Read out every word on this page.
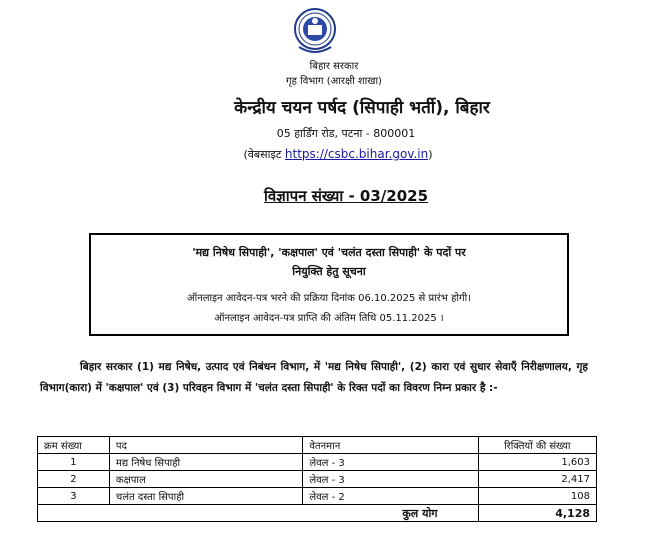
बिहार सरकार
गृह विभाग (आरक्षी शाखा)
केन्द्रीय चयन पर्षद (सिपाही भर्ती), बिहार
05 हार्डिंग रोड, पटना - 800001
(वेबसाइट https://csbc.bihar.gov.in)
विज्ञापन संख्या - 03/2025
'मद्य निषेध सिपाही', 'कक्षपाल' एवं 'चलंत दस्ता सिपाही' के पदों पर
नियुक्ति हेतु सूचना
ऑनलाइन आवेदन-पत्र भरने की प्रक्रिया दिनांक 06.10.2025 से प्रारंभ होगी।
ऑनलाइन आवेदन-पत्र प्राप्ति की अंतिम तिथि 05.11.2025 ।
बिहार सरकार (1) मद्य निषेध, उत्पाद एवं निबंधन विभाग, में 'मद्य निषेध सिपाही', (2) कारा एवं सुधार सेवाएँ निरीक्षणालय, गृह विभाग(कारा) में 'कक्षपाल' एवं (3) परिवहन विभाग में 'चलंत दस्ता सिपाही' के रिक्त पदों का विवरण निम्न प्रकार है :-
क्रम संख्या	पद	वेतनमान	रिक्तियों की संख्या
1	मद्य निषेध सिपाही	लेवल - 3	1,603
2	कक्षपाल	लेवल - 3	2,417
3	चलंत दस्ता सिपाही	लेवल - 2	108
कुल योग			4,128
